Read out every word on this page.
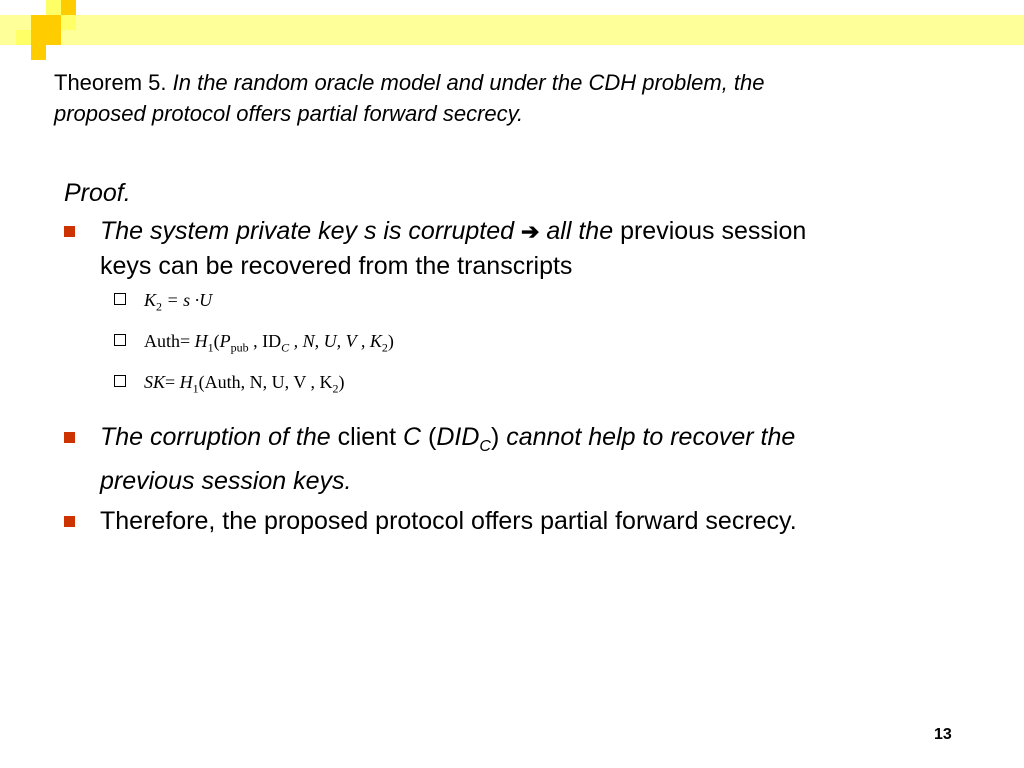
Theorem 5. In the random oracle model and under the CDH problem, the
proposed protocol offers partial forward secrecy.
Proof.
The system private key s is corrupted ➔ all the previous session
keys can be recovered from the transcripts
$K_2 = s \cdot U$
Auth= $H_1(P_{pub}$ , $ID_C$ , N, U, V , $K_2$)
$SK= H_1(Auth$, N, U, V , $K_2$)
The corruption of the client C $(DID_C)$ cannot help to recover the
previous session keys.
Therefore, the proposed protocol offers partial forward secrecy.
13
